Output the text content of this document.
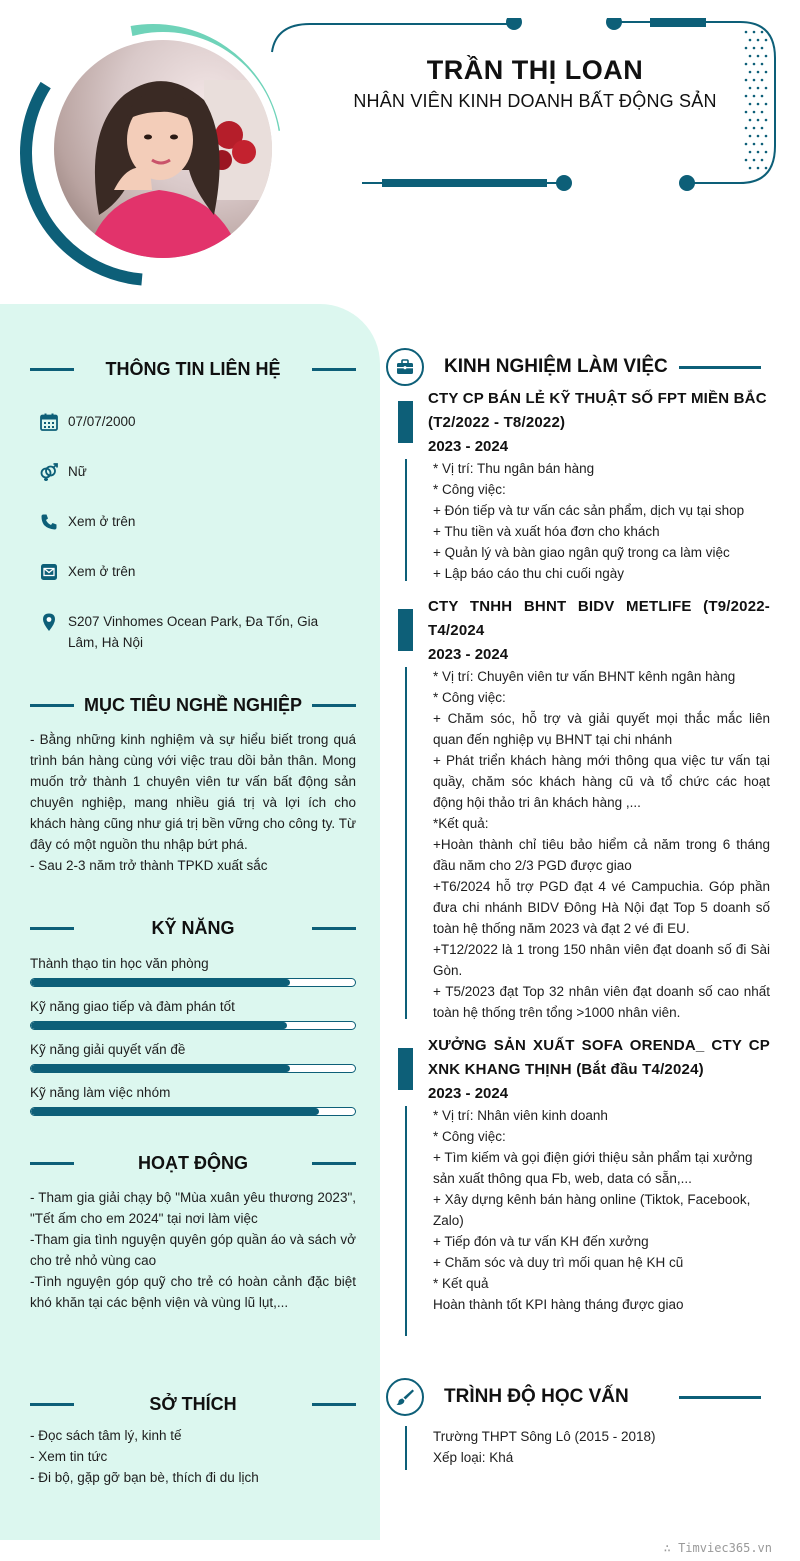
TRẦN THỊ LOAN
NHÂN VIÊN KINH DOANH BẤT ĐỘNG SẢN
THÔNG TIN LIÊN HỆ
07/07/2000
Nữ
Xem ở trên
Xem ở trên
S207 Vinhomes Ocean Park, Đa Tốn, Gia Lâm, Hà Nội
MỤC TIÊU NGHỀ NGHIỆP

- Bằng những kinh nghiệm và sự hiểu biết trong quá trình bán hàng cùng với việc trau dồi bản thân. Mong muốn trở thành 1 chuyên viên tư vấn bất động sản chuyên nghiệp, mang nhiều giá trị và lợi ích cho khách hàng cũng như giá trị bền vững cho công ty. Từ đây có một nguồn thu nhập bứt phá.

- Sau 2-3 năm trở thành TPKD xuất sắc

KỸ NĂNG
Thành thạo tin học văn phòng
Kỹ năng giao tiếp và đàm phán tốt
Kỹ năng giải quyết vấn đề
Kỹ năng làm việc nhóm
HOẠT ĐỘNG

- Tham gia giải chạy bộ "Mùa xuân yêu thương 2023", "Tết ấm cho em 2024" tại nơi làm việc

-Tham gia tình nguyện quyên góp quần áo và sách vở cho trẻ nhỏ vùng cao

-Tình nguyện góp quỹ cho trẻ có hoàn cảnh đặc biệt khó khăn tại các bệnh viện và vùng lũ lụt,...

SỞ THÍCH

- Đọc sách tâm lý, kinh tế

- Xem tin tức

- Đi bộ, gặp gỡ bạn bè, thích đi du lịch

KINH NGHIỆM LÀM VIỆC
CTY CP BÁN LẺ KỸ THUẬT SỐ FPT MIỀN BẮC (T2/2022 - T8/2022)
2023 - 2024

* Vị trí: Thu ngân bán hàng

* Công việc:

+ Đón tiếp và tư vấn các sản phẩm, dịch vụ tại shop

+ Thu tiền và xuất hóa đơn cho khách

+ Quản lý và bàn giao ngân quỹ trong ca làm việc

+ Lập báo cáo thu chi cuối ngày

CTY TNHH BHNT BIDV METLIFE (T9/2022-T4/2024
2023 - 2024

* Vị trí: Chuyên viên tư vấn BHNT kênh ngân hàng

* Công việc:

+ Chăm sóc, hỗ trợ và giải quyết mọi thắc mắc liên quan đến nghiệp vụ BHNT tại chi nhánh

+ Phát triển khách hàng mới thông qua việc tư vấn tại quầy, chăm sóc khách hàng cũ và tổ chức các hoạt động hội thảo tri ân khách hàng ,...

*Kết quả:

+Hoàn thành chỉ tiêu bảo hiểm cả năm trong 6 tháng đầu năm cho 2/3 PGD được giao

+T6/2024 hỗ trợ PGD đạt 4 vé Campuchia. Góp phần đưa chi nhánh BIDV Đông Hà Nội đạt Top 5 doanh số toàn hệ thống năm 2023 và đạt 2 vé đi EU.

+T12/2022 là 1 trong 150 nhân viên đạt doanh số đi Sài Gòn.

+ T5/2023 đạt Top 32 nhân viên đạt doanh số cao nhất toàn hệ thống trên tổng >1000 nhân viên.

XƯỞNG SẢN XUẤT SOFA ORENDA_ CTY CP XNK KHANG THỊNH (Bắt đầu T4/2024)
2023 - 2024

* Vị trí: Nhân viên kinh doanh

* Công việc:

+ Tìm kiếm và gọi điện giới thiệu sản phẩm tại xưởng sản xuất thông qua Fb, web, data có sẵn,...

+ Xây dựng kênh bán hàng online (Tiktok, Facebook, Zalo)

+ Tiếp đón và tư vấn KH đến xưởng

+ Chăm sóc và duy trì mối quan hệ KH cũ

* Kết quả

Hoàn thành tốt KPI hàng tháng được giao

TRÌNH ĐỘ HỌC VẤN

Trường THPT Sông Lô (2015 - 2018)

Xếp loại: Khá

∴ Timviec365.vn
